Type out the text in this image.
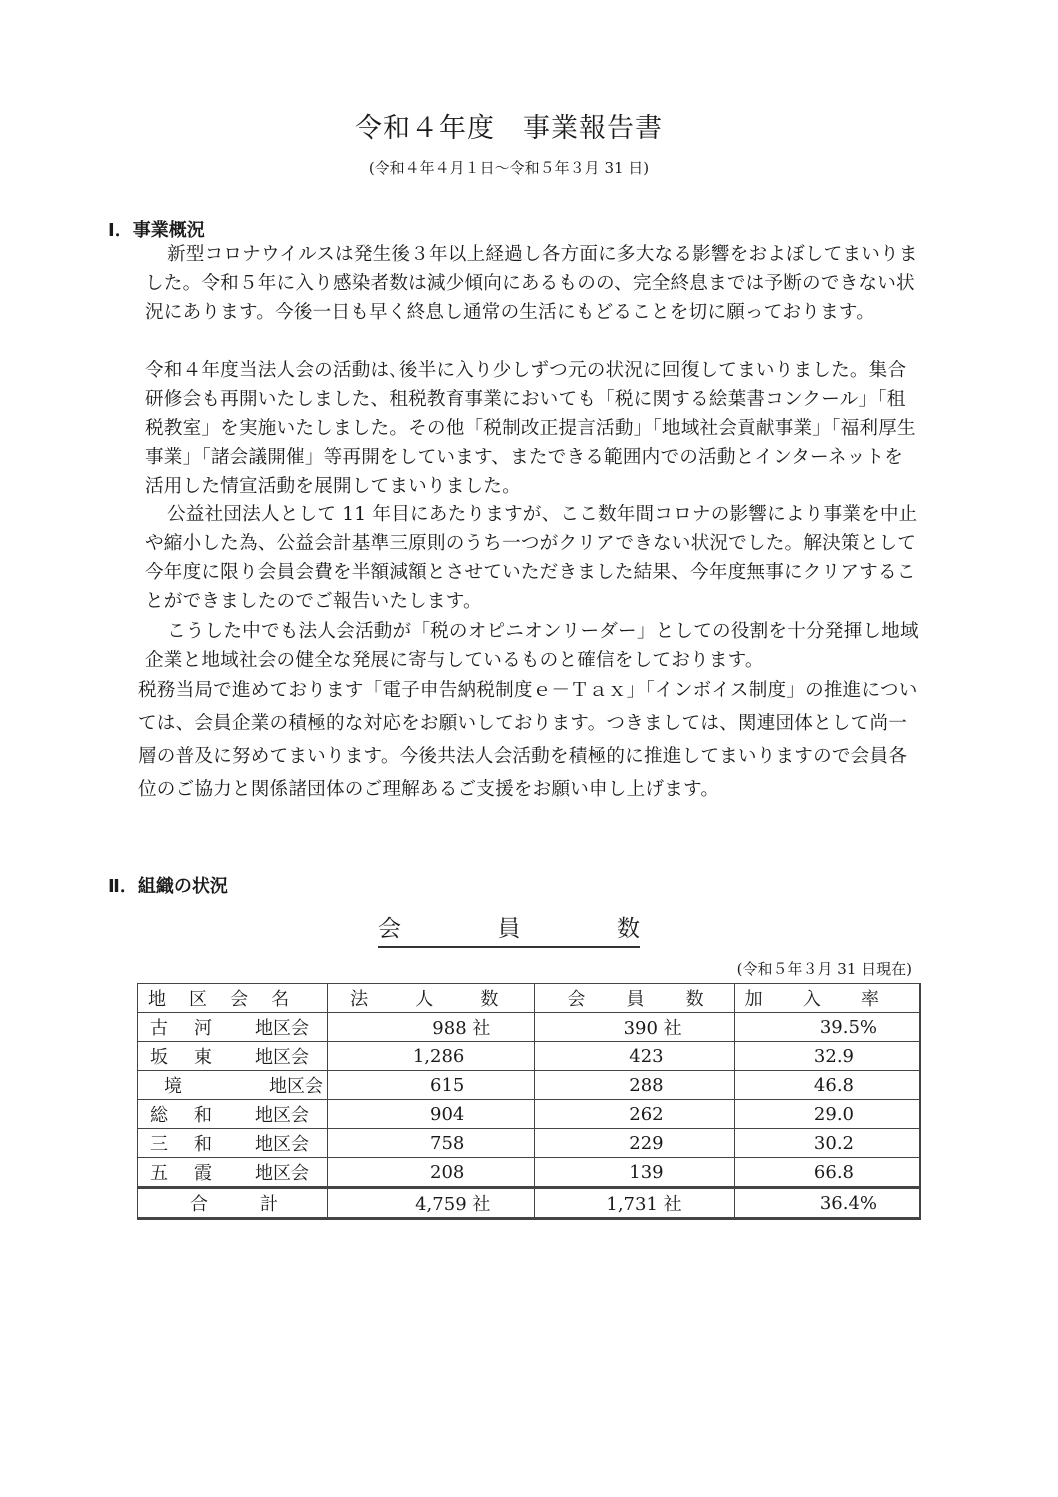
令和４年度　事業報告書
(令和４年４月１日～令和５年３月 31 日)
Ⅰ．事業概況

新型コロナウイルスは発生後３年以上経過し各方面に多大なる影響をおよぼしてまいりました。令和５年に入り感染者数は減少傾向にあるものの、完全終息までは予断のできない状況にあります。今後一日も早く終息し通常の生活にもどることを切に願っております。

令和４年度当法人会の活動は､後半に入り少しずつ元の状況に回復してまいりました。集合研修会も再開いたしました、租税教育事業においても「税に関する絵葉書コンクール」「租税教室」を実施いたしました。その他「税制改正提言活動」「地域社会貢献事業」「福利厚生事業」「諸会議開催」等再開をしています、またできる範囲内での活動とインターネットを活用した情宣活動を展開してまいりました。

公益社団法人として 11 年目にあたりますが、ここ数年間コロナの影響により事業を中止や縮小した為、公益会計基準三原則のうち一つがクリアできない状況でした。解決策として今年度に限り会員会費を半額減額とさせていただきました結果、今年度無事にクリアすることができましたのでご報告いたします。

こうした中でも法人会活動が「税のオピニオンリーダー」としての役割を十分発揮し地域企業と地域社会の健全な発展に寄与しているものと確信をしております。

税務当局で進めております「電子申告納税制度ｅ－Ｔａｘ」「インボイス制度」の推進については、会員企業の積極的な対応をお願いしております。つきましては、関連団体として尚一層の普及に努めてまいります。今後共法人会活動を積極的に推進してまいりますので会員各位のご協力と関係諸団体のご理解あるご支援をお願い申し上げます。

Ⅱ．組織の状況
会	員	数
(令和５年３月 31 日現在)
地 区 会 名	法 人 数	会 員 数	加 入 率

古 河 地区会	988 社	390 社	39.5%

坂 東 地区会	1,286	423	32.9

境 地区会	615	288	46.8

総 和 地区会	904	262	29.0

三 和 地区会	758	229	30.2

五 霞 地区会	208	139	66.8

合 計	4,759 社	1,731 社	36.4%
